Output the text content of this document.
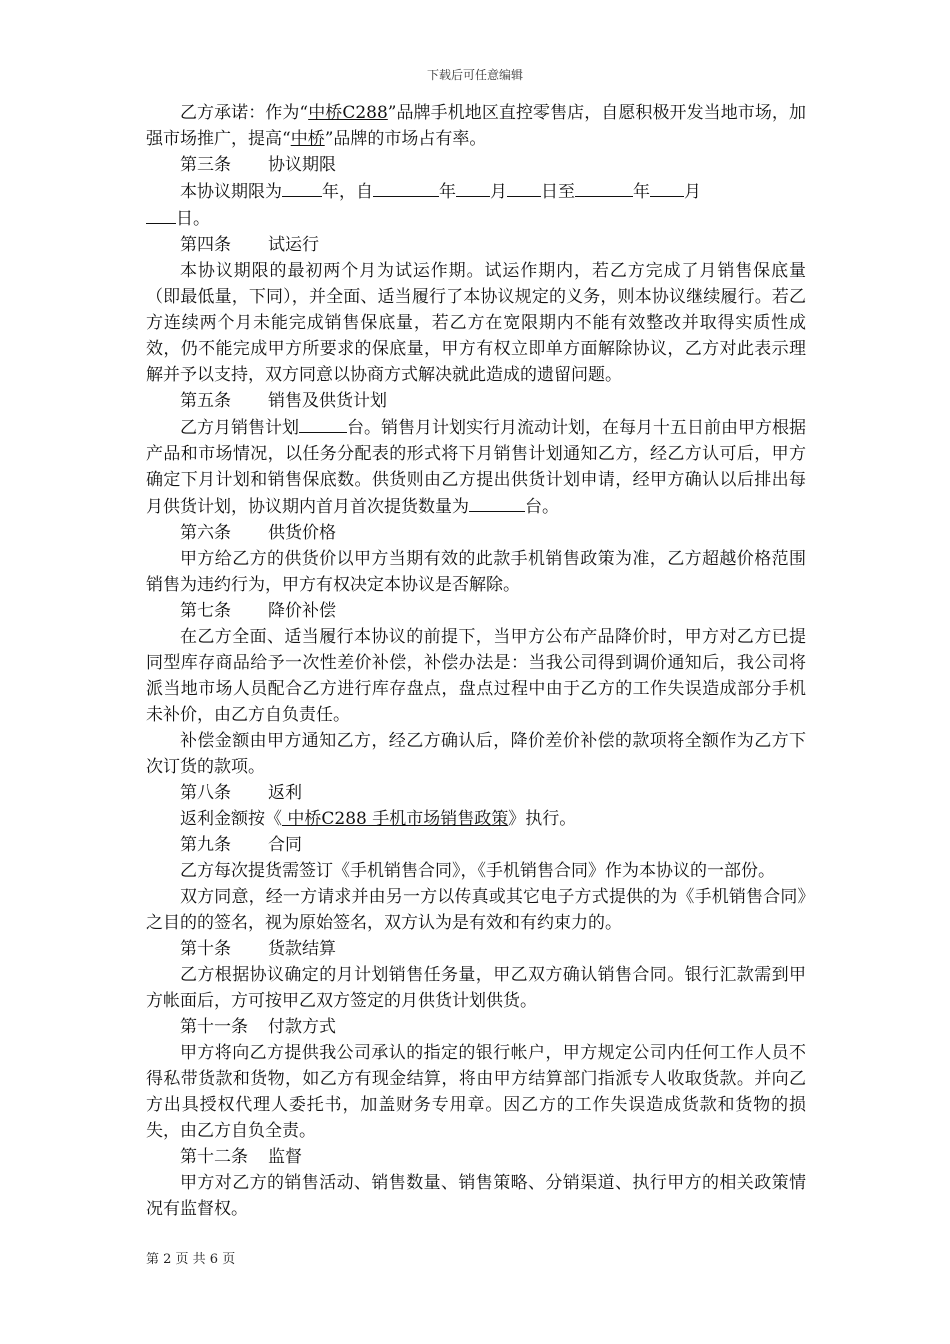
下载后可任意编辑

乙方承诺：作为“中桥C288”品牌手机地区直控零售店，自愿积极开发当地市场，加强市场推广，提高“中桥”品牌的市场占有率。

第三条 协议期限

本协议期限为 年，自	年 月 日至	年 月
日。

第四条 试运行

本协议期限的最初两个月为试运作期。试运作期内，若乙方完成了月销售保底量（即最低量，下同），并全面、适当履行了本协议规定的义务，则本协议继续履行。若乙方连续两个月未能完成销售保底量，若乙方在宽限期内不能有效整改并取得实质性成效，仍不能完成甲方所要求的保底量，甲方有权立即单方面解除协议，乙方对此表示理解并予以支持，双方同意以协商方式解决就此造成的遗留问题。

第五条 销售及供货计划

乙方月销售计划	台。销售月计划实行月流动计划，在每月十五日前由甲方根据产品和市场情况，以任务分配表的形式将下月销售计划通知乙方，经乙方认可后，甲方确定下月计划和销售保底数。供货则由乙方提出供货计划申请，经甲方确认以后排出每月供货计划，协议期内首月首次提货数量为	台。

第六条 供货价格

甲方给乙方的供货价以甲方当期有效的此款手机销售政策为准，乙方超越价格范围销售为违约行为，甲方有权决定本协议是否解除。

第七条 降价补偿

在乙方全面、适当履行本协议的前提下，当甲方公布产品降价时，甲方对乙方已提同型库存商品给予一次性差价补偿，补偿办法是：当我公司得到调价通知后，我公司将派当地市场人员配合乙方进行库存盘点，盘点过程中由于乙方的工作失误造成部分手机未补价，由乙方自负责任。

补偿金额由甲方通知乙方，经乙方确认后，降价差价补偿的款项将全额作为乙方下次订货的款项。

第八条 返利

返利金额按《 中桥C288 手机市场销售政策》执行。

第九条 合同

乙方每次提货需签订《手机销售合同》，《手机销售合同》作为本协议的一部份。

双方同意，经一方请求并由另一方以传真或其它电子方式提供的为《手机销售合同》之目的的签名，视为原始签名，双方认为是有效和有约束力的。

第十条 货款结算

乙方根据协议确定的月计划销售任务量，甲乙双方确认销售合同。银行汇款需到甲方帐面后，方可按甲乙双方签定的月供货计划供货。

第十一条 付款方式

甲方将向乙方提供我公司承认的指定的银行帐户，甲方规定公司内任何工作人员不得私带货款和货物，如乙方有现金结算，将由甲方结算部门指派专人收取货款。并向乙方出具授权代理人委托书，加盖财务专用章。因乙方的工作失误造成货款和货物的损失，由乙方自负全责。

第十二条 监督

甲方对乙方的销售活动、销售数量、销售策略、分销渠道、执行甲方的相关政策情况有监督权。

第 2 页 共 6 页
